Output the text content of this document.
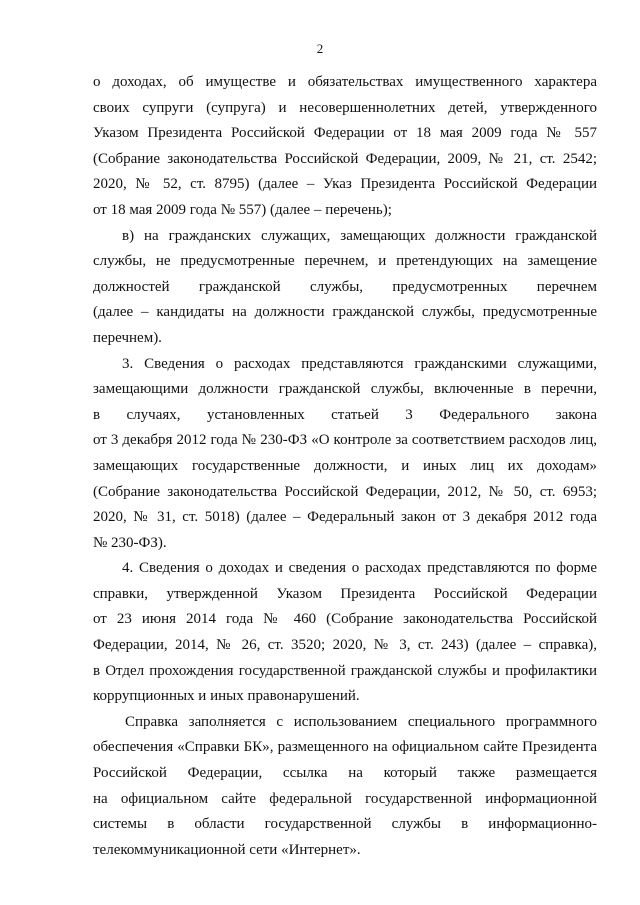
2
о доходах, об имуществе и обязательствах имущественного характера
своих супруги (супруга) и несовершеннолетних детей, утвержденного
Указом Президента Российской Федерации от 18 мая 2009 года № 557
(Собрание законодательства Российской Федерации, 2009, № 21, ст. 2542;
2020, № 52, ст. 8795) (далее – Указ Президента Российской Федерации
от 18 мая 2009 года № 557) (далее – перечень);
в) на гражданских служащих, замещающих должности гражданской
службы, не предусмотренные перечнем, и претендующих на замещение
должностей гражданской службы, предусмотренных перечнем
(далее – кандидаты на должности гражданской службы, предусмотренные
перечнем).
3. Сведения о расходах представляются гражданскими служащими,
замещающими должности гражданской службы, включенные в перечни,
в случаях, установленных статьей 3 Федерального закона
от 3 декабря 2012 года № 230-ФЗ «О контроле за соответствием расходов лиц,
замещающих государственные должности, и иных лиц их доходам»
(Собрание законодательства Российской Федерации, 2012, № 50, ст. 6953;
2020, № 31, ст. 5018) (далее – Федеральный закон от 3 декабря 2012 года
№ 230-ФЗ).
4. Сведения о доходах и сведения о расходах представляются по форме
справки, утвержденной Указом Президента Российской Федерации
от 23 июня 2014 года № 460 (Собрание законодательства Российской
Федерации, 2014, № 26, ст. 3520; 2020, № 3, ст. 243) (далее – справка),
в Отдел прохождения государственной гражданской службы и профилактики
коррупционных и иных правонарушений.
Справка заполняется с использованием специального программного
обеспечения «Справки БК», размещенного на официальном сайте Президента
Российской Федерации, ссылка на который также размещается
на официальном сайте федеральной государственной информационной
системы в области государственной службы в информационно-
телекоммуникационной сети «Интернет».
